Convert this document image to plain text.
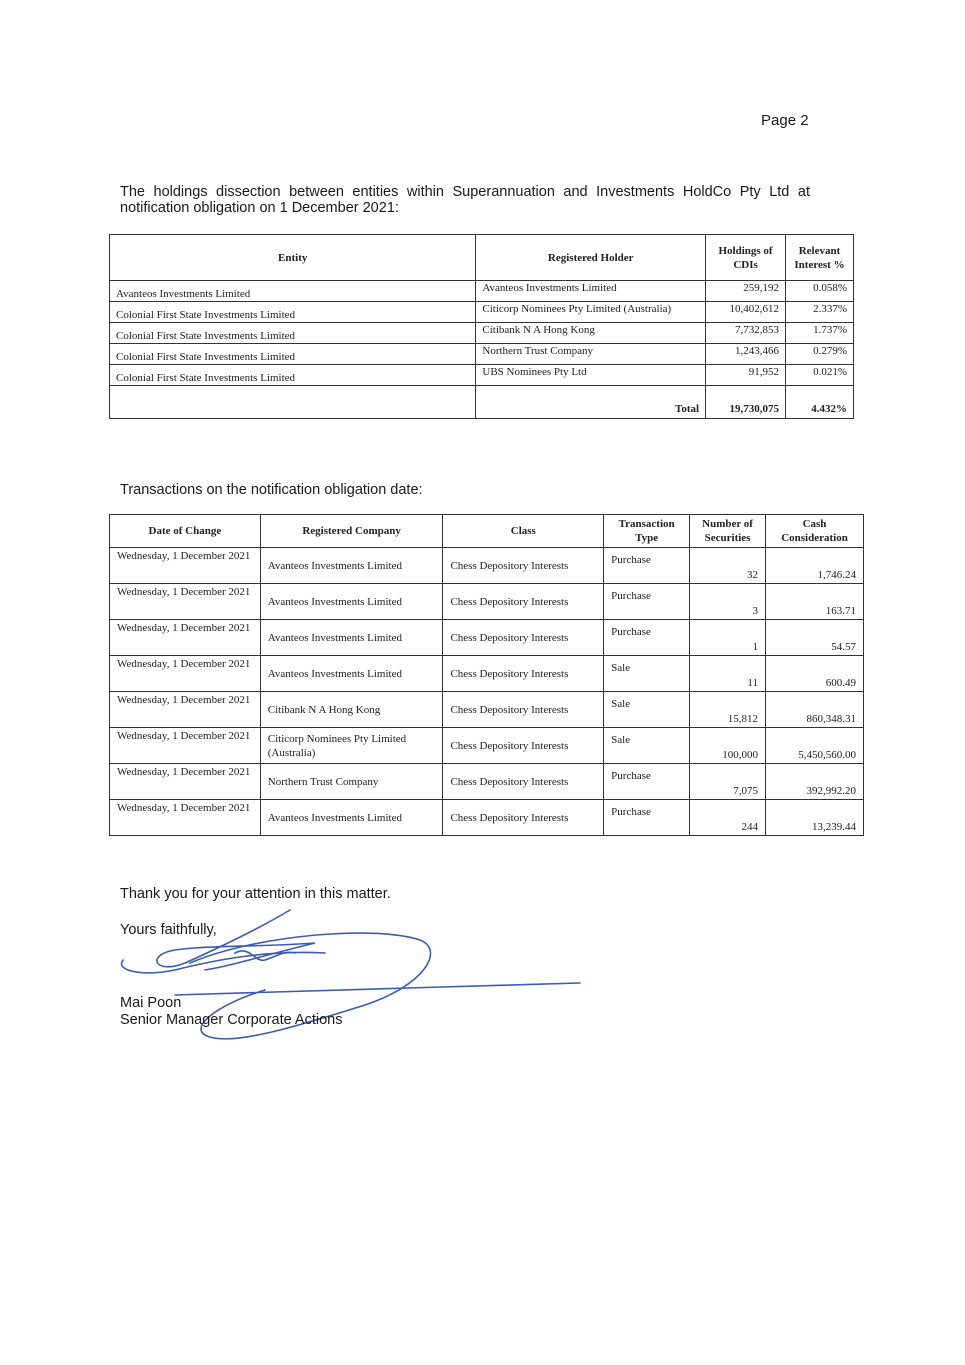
Page 2
The holdings dissection between entities within Superannuation and Investments HoldCo Pty Ltd at notification obligation on 1 December 2021:
Entity	Registered Holder	Holdings of CDIs	Relevant Interest %
Avanteos Investments Limited	Avanteos Investments Limited	259,192	0.058%
Colonial First State Investments Limited	Citicorp Nominees Pty Limited (Australia)	10,402,612	2.337%
Colonial First State Investments Limited	Citibank N A Hong Kong	7,732,853	1.737%
Colonial First State Investments Limited	Northern Trust Company	1,243,466	0.279%
Colonial First State Investments Limited	UBS Nominees Pty Ltd	91,952	0.021%
	Total	19,730,075	4.432%
Transactions on the notification obligation date:
Date of Change	Registered Company	Class	Transaction Type	Number of Securities	Cash Consideration
Wednesday, 1 December 2021	Avanteos Investments Limited	Chess Depository Interests	Purchase	32	1,746.24
Wednesday, 1 December 2021	Avanteos Investments Limited	Chess Depository Interests	Purchase	3	163.71
Wednesday, 1 December 2021	Avanteos Investments Limited	Chess Depository Interests	Purchase	1	54.57
Wednesday, 1 December 2021	Avanteos Investments Limited	Chess Depository Interests	Sale	11	600.49
Wednesday, 1 December 2021	Citibank N A Hong Kong	Chess Depository Interests	Sale	15,812	860,348.31
Wednesday, 1 December 2021	Citicorp Nominees Pty Limited (Australia)	Chess Depository Interests	Sale	100,000	5,450,560.00
Wednesday, 1 December 2021	Northern Trust Company	Chess Depository Interests	Purchase	7,075	392,992.20
Wednesday, 1 December 2021	Avanteos Investments Limited	Chess Depository Interests	Purchase	244	13,239.44
Thank you for your attention in this matter.
Yours faithfully,
Mai Poon
Senior Manager Corporate Actions
